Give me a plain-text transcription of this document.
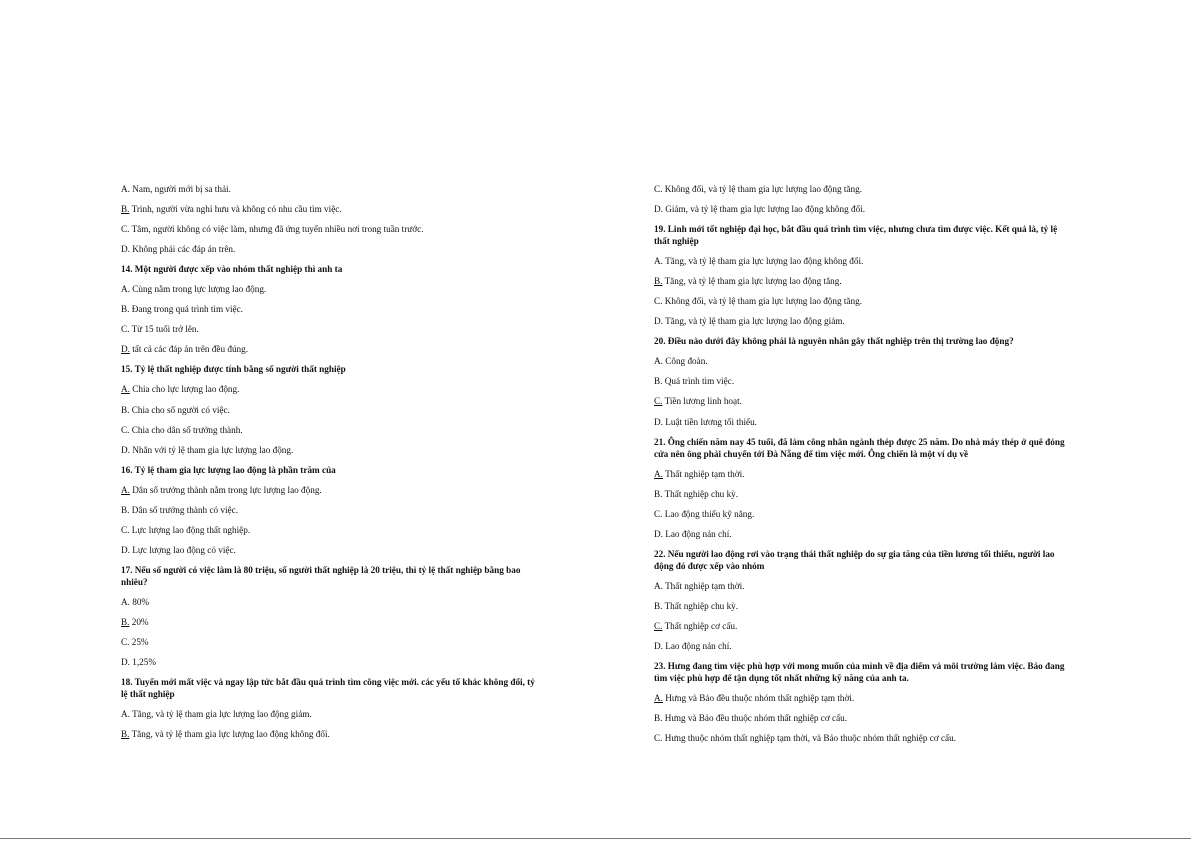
A. Nam, người mới bị sa thải.
B. Trinh, người vừa nghỉ hưu và không có nhu cầu tìm việc.
C. Tâm, người không có việc làm, nhưng đã ứng tuyển nhiều nơi trong tuần trước.
D. Không phải các đáp án trên.
14. Một người được xếp vào nhóm thất nghiệp thì anh ta
A. Cùng nằm trong lực lượng lao động.
B. Đang trong quá trình tìm việc.
C. Từ 15 tuổi trở lên.
D. tất cả các đáp án trên đều đúng.
15. Tỷ lệ thất nghiệp được tính bằng số người thất nghiệp
A. Chia cho lực lượng lao động.
B. Chia cho số người có việc.
C. Chia cho dân số trưởng thành.
D. Nhân với tỷ lệ tham gia lực lượng lao động.
16. Tỷ lệ tham gia lực lượng lao động là phần trăm của
A. Dân số trưởng thành nằm trong lực lượng lao động.
B. Dân số trưởng thành có việc.
C. Lực lượng lao động thất nghiệp.
D. Lực lượng lao động có việc.
17. Nếu số người có việc làm là 80 triệu, số người thất nghiệp là 20 triệu, thì tỷ lệ thất nghiệp bằng bao nhiêu?
A. 80%
B. 20%
C. 25%
D. 1,25%
18. Tuyến mới mất việc và ngay lập tức bắt đầu quá trình tìm công việc mới. các yếu tố khác không đổi, tỷ lệ thất nghiệp
A. Tăng, và tỷ lệ tham gia lực lượng lao động giảm.
B. Tăng, và tỷ lệ tham gia lực lượng lao động không đổi.
C. Không đổi, và tỷ lệ tham gia lực lượng lao động tăng.
D. Giảm, và tỷ lệ tham gia lực lượng lao động không đổi.
19. Linh mới tốt nghiệp đại học, bắt đầu quá trình tìm việc, nhưng chưa tìm được việc. Kết quả là, tỷ lệ thất nghiệp
A. Tăng, và tỷ lệ tham gia lực lượng lao động không đổi.
B. Tăng, và tỷ lệ tham gia lực lượng lao động tăng.
C. Không đổi, và tỷ lệ tham gia lực lượng lao động tăng.
D. Tăng, và tỷ lệ tham gia lực lượng lao động giảm.
20. Điều nào dưới đây không phải là nguyên nhân gây thất nghiệp trên thị trường lao động?
A. Công đoàn.
B. Quá trình tìm việc.
C. Tiền lương linh hoạt.
D. Luật tiền lương tối thiểu.
21. Ông chiến năm nay 45 tuổi, đã làm công nhân ngành thép được 25 năm. Do nhà máy thép ở quê đóng cửa nên ông phải chuyển tới Đà Nẵng để tìm việc mới. Ông chiến là một ví dụ về
A. Thất nghiệp tạm thời.
B. Thất nghiệp chu kỳ.
C. Lao động thiếu kỹ năng.
D. Lao động nản chí.
22. Nếu người lao động rơi vào trạng thái thất nghiệp do sự gia tăng của tiền lương tối thiểu, người lao động đó được xếp vào nhóm
A. Thất nghiệp tạm thời.
B. Thất nghiệp chu kỳ.
C. Thất nghiệp cơ cấu.
D. Lao động nản chí.
23. Hưng đang tìm việc phù hợp với mong muốn của mình về địa điểm và môi trường làm việc. Bảo đang tìm việc phù hợp để tận dụng tốt nhất những kỹ năng của anh ta.
A. Hưng và Bảo đều thuộc nhóm thất nghiệp tạm thời.
B. Hưng và Bảo đều thuộc nhóm thất nghiệp cơ cấu.
C. Hưng thuộc nhóm thất nghiệp tạm thời, và Bảo thuộc nhóm thất nghiệp cơ cấu.
